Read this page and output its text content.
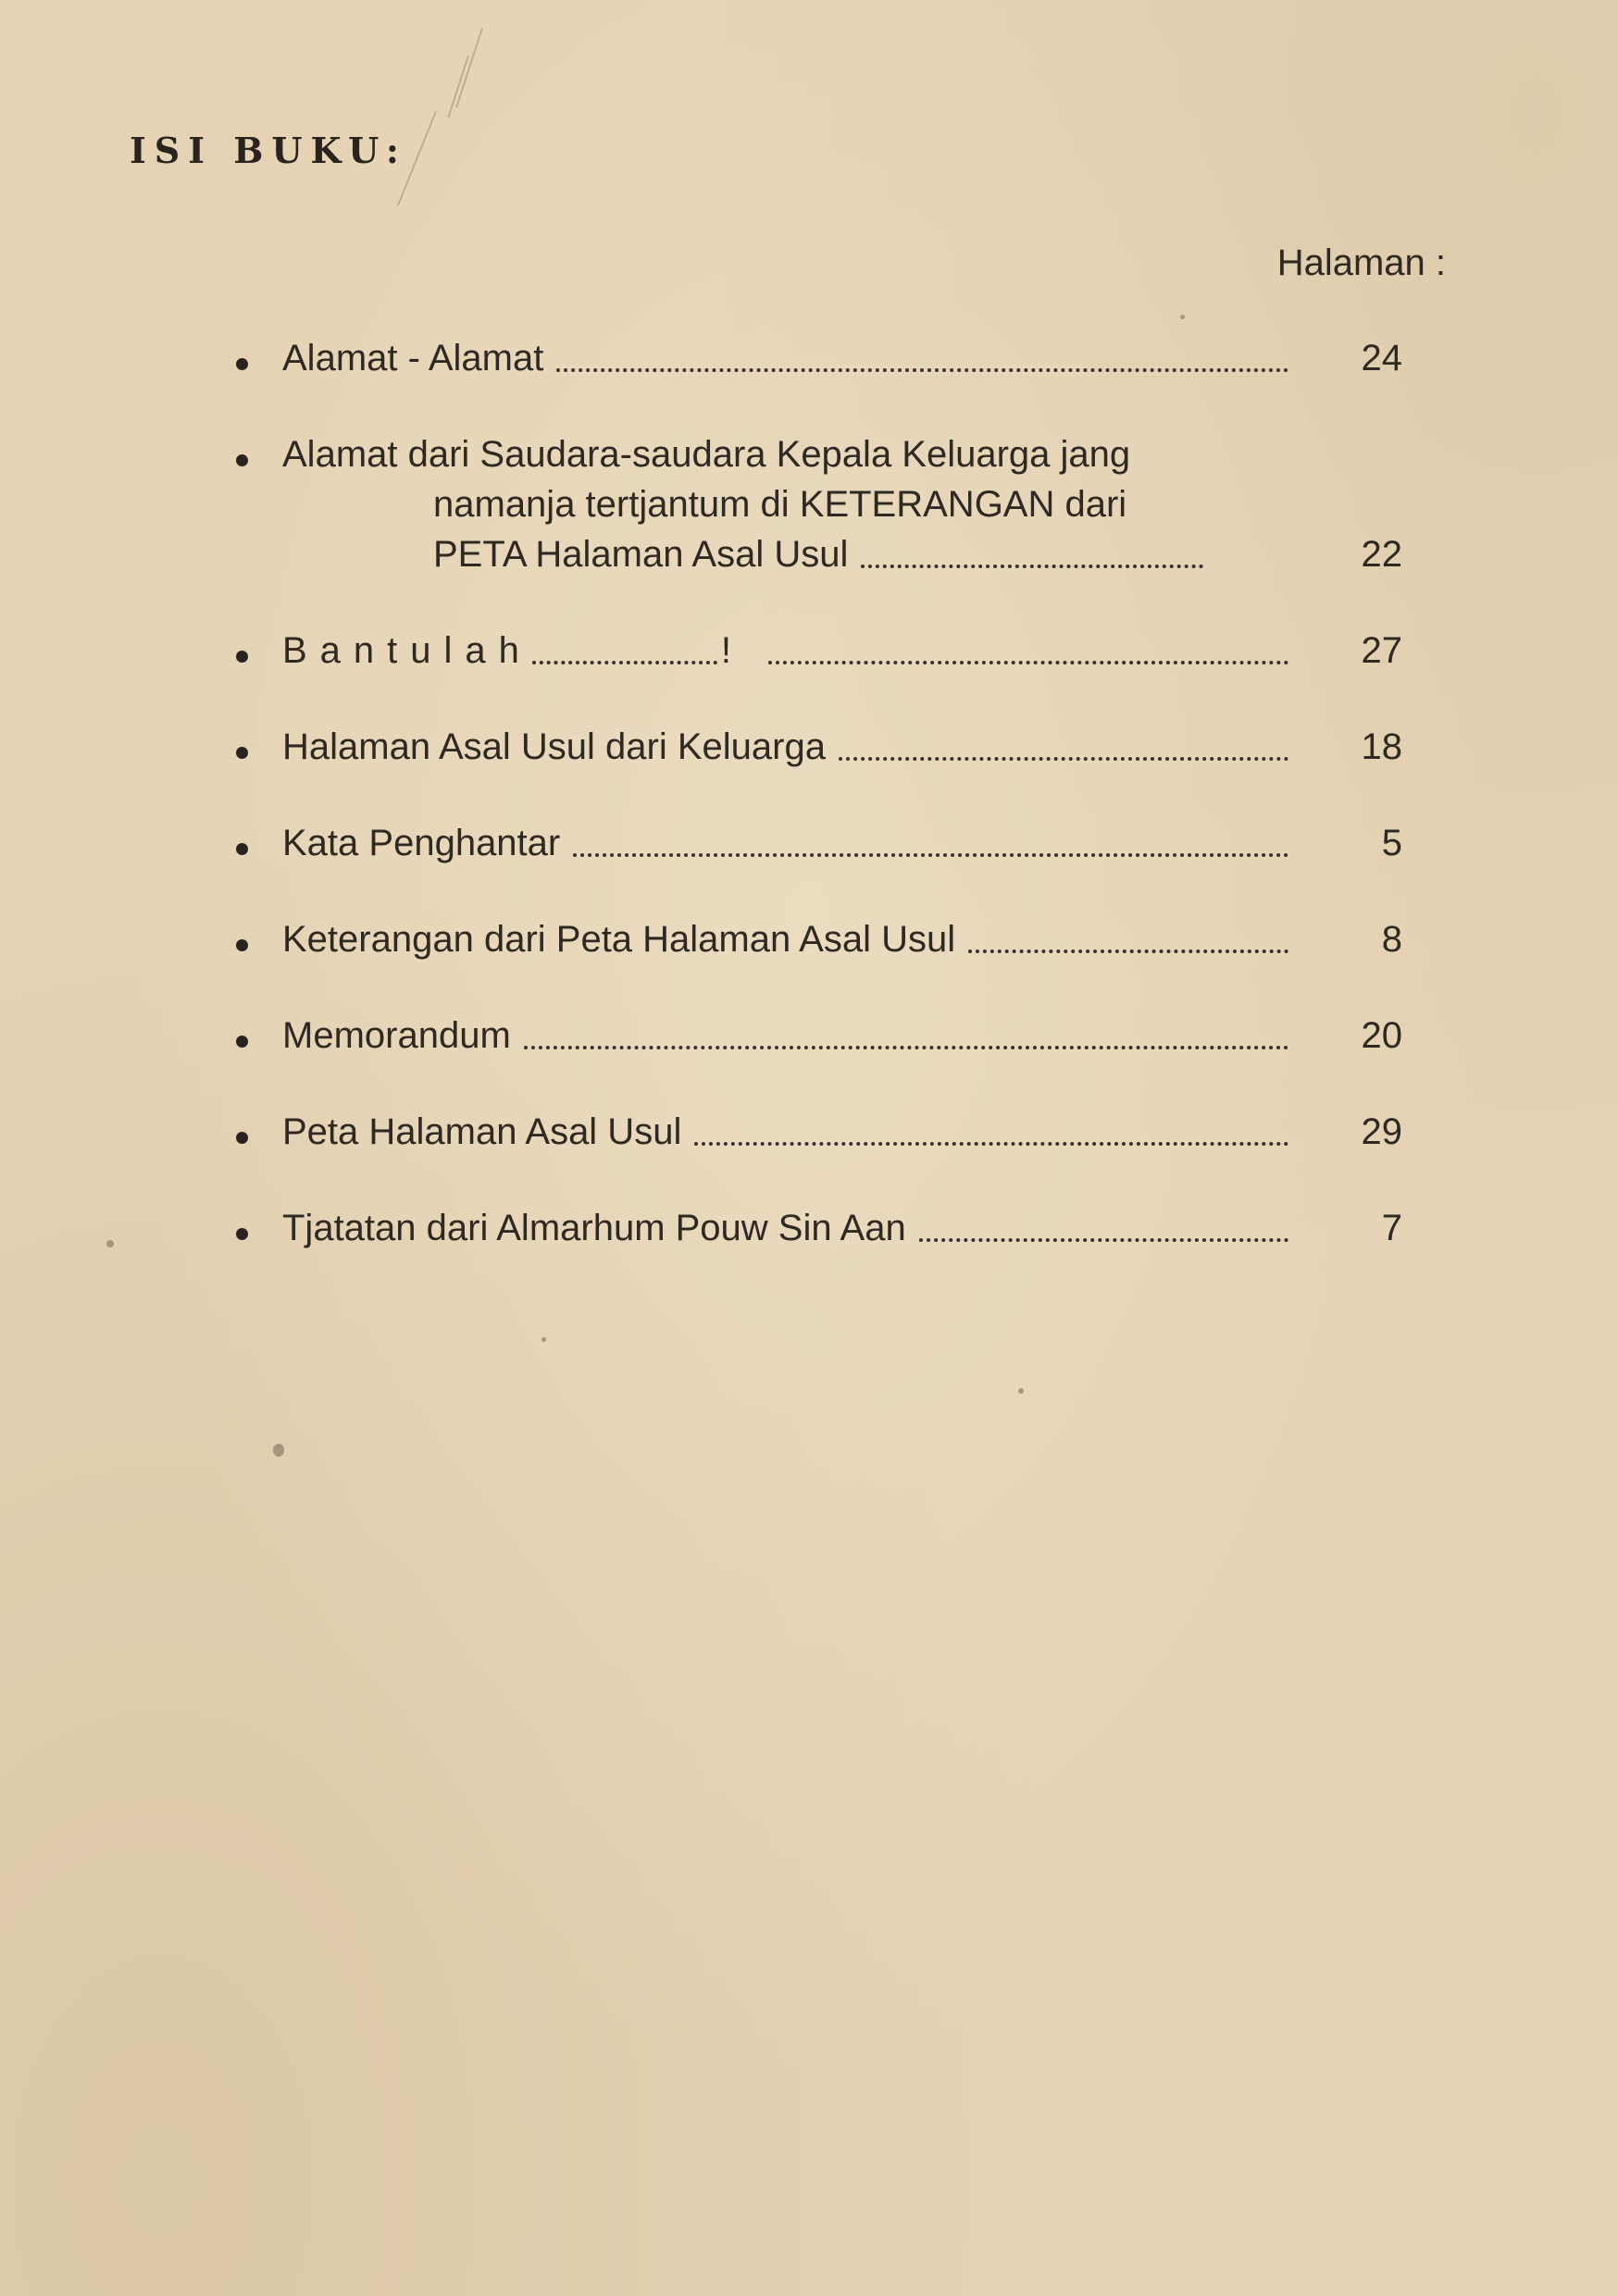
ISI BUKU:
Halaman :
Alamat - Alamat	24
Alamat dari Saudara-saudara Kepala Keluarga jang
namanja tertjantum di KETERANGAN dari
PETA Halaman Asal Usul	22
Bantulah	!	27
Halaman Asal Usul dari Keluarga	18
Kata Penghantar	5
Keterangan dari Peta Halaman Asal Usul	8
Memorandum	20
Peta Halaman Asal Usul	29
Tjatatan dari Almarhum Pouw Sin Aan	7
